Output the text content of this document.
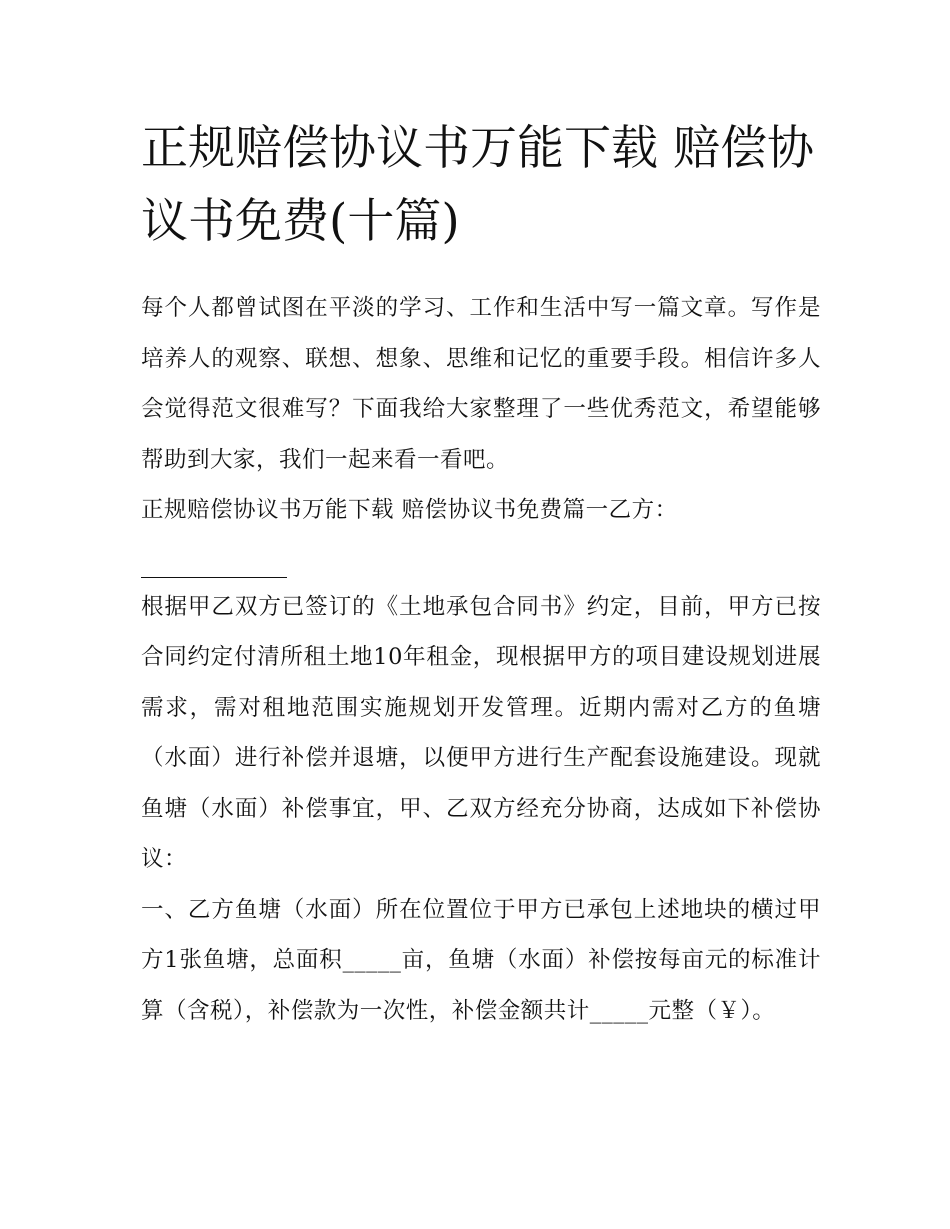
正规赔偿协议书万能下载 赔偿协议书免费(十篇)

每个人都曾试图在平淡的学习、工作和生活中写一篇文章。写作是培养人的观察、联想、想象、思维和记忆的重要手段。相信许多人会觉得范文很难写？下面我给大家整理了一些优秀范文，希望能够帮助到大家，我们一起来看一看吧。

正规赔偿协议书万能下载 赔偿协议书免费篇一乙方：

根据甲乙双方已签订的《土地承包合同书》约定，目前，甲方已按合同约定付清所租土地10年租金，现根据甲方的项目建设规划进展需求，需对租地范围实施规划开发管理。近期内需对乙方的鱼塘（水面）进行补偿并退塘，以便甲方进行生产配套设施建设。现就鱼塘（水面）补偿事宜，甲、乙双方经充分协商，达成如下补偿协议：

一、乙方鱼塘（水面）所在位置位于甲方已承包上述地块的横过甲方1张鱼塘，总面积_____亩，鱼塘（水面）补偿按每亩元的标准计算（含税），补偿款为一次性，补偿金额共计_____元整（￥）。
